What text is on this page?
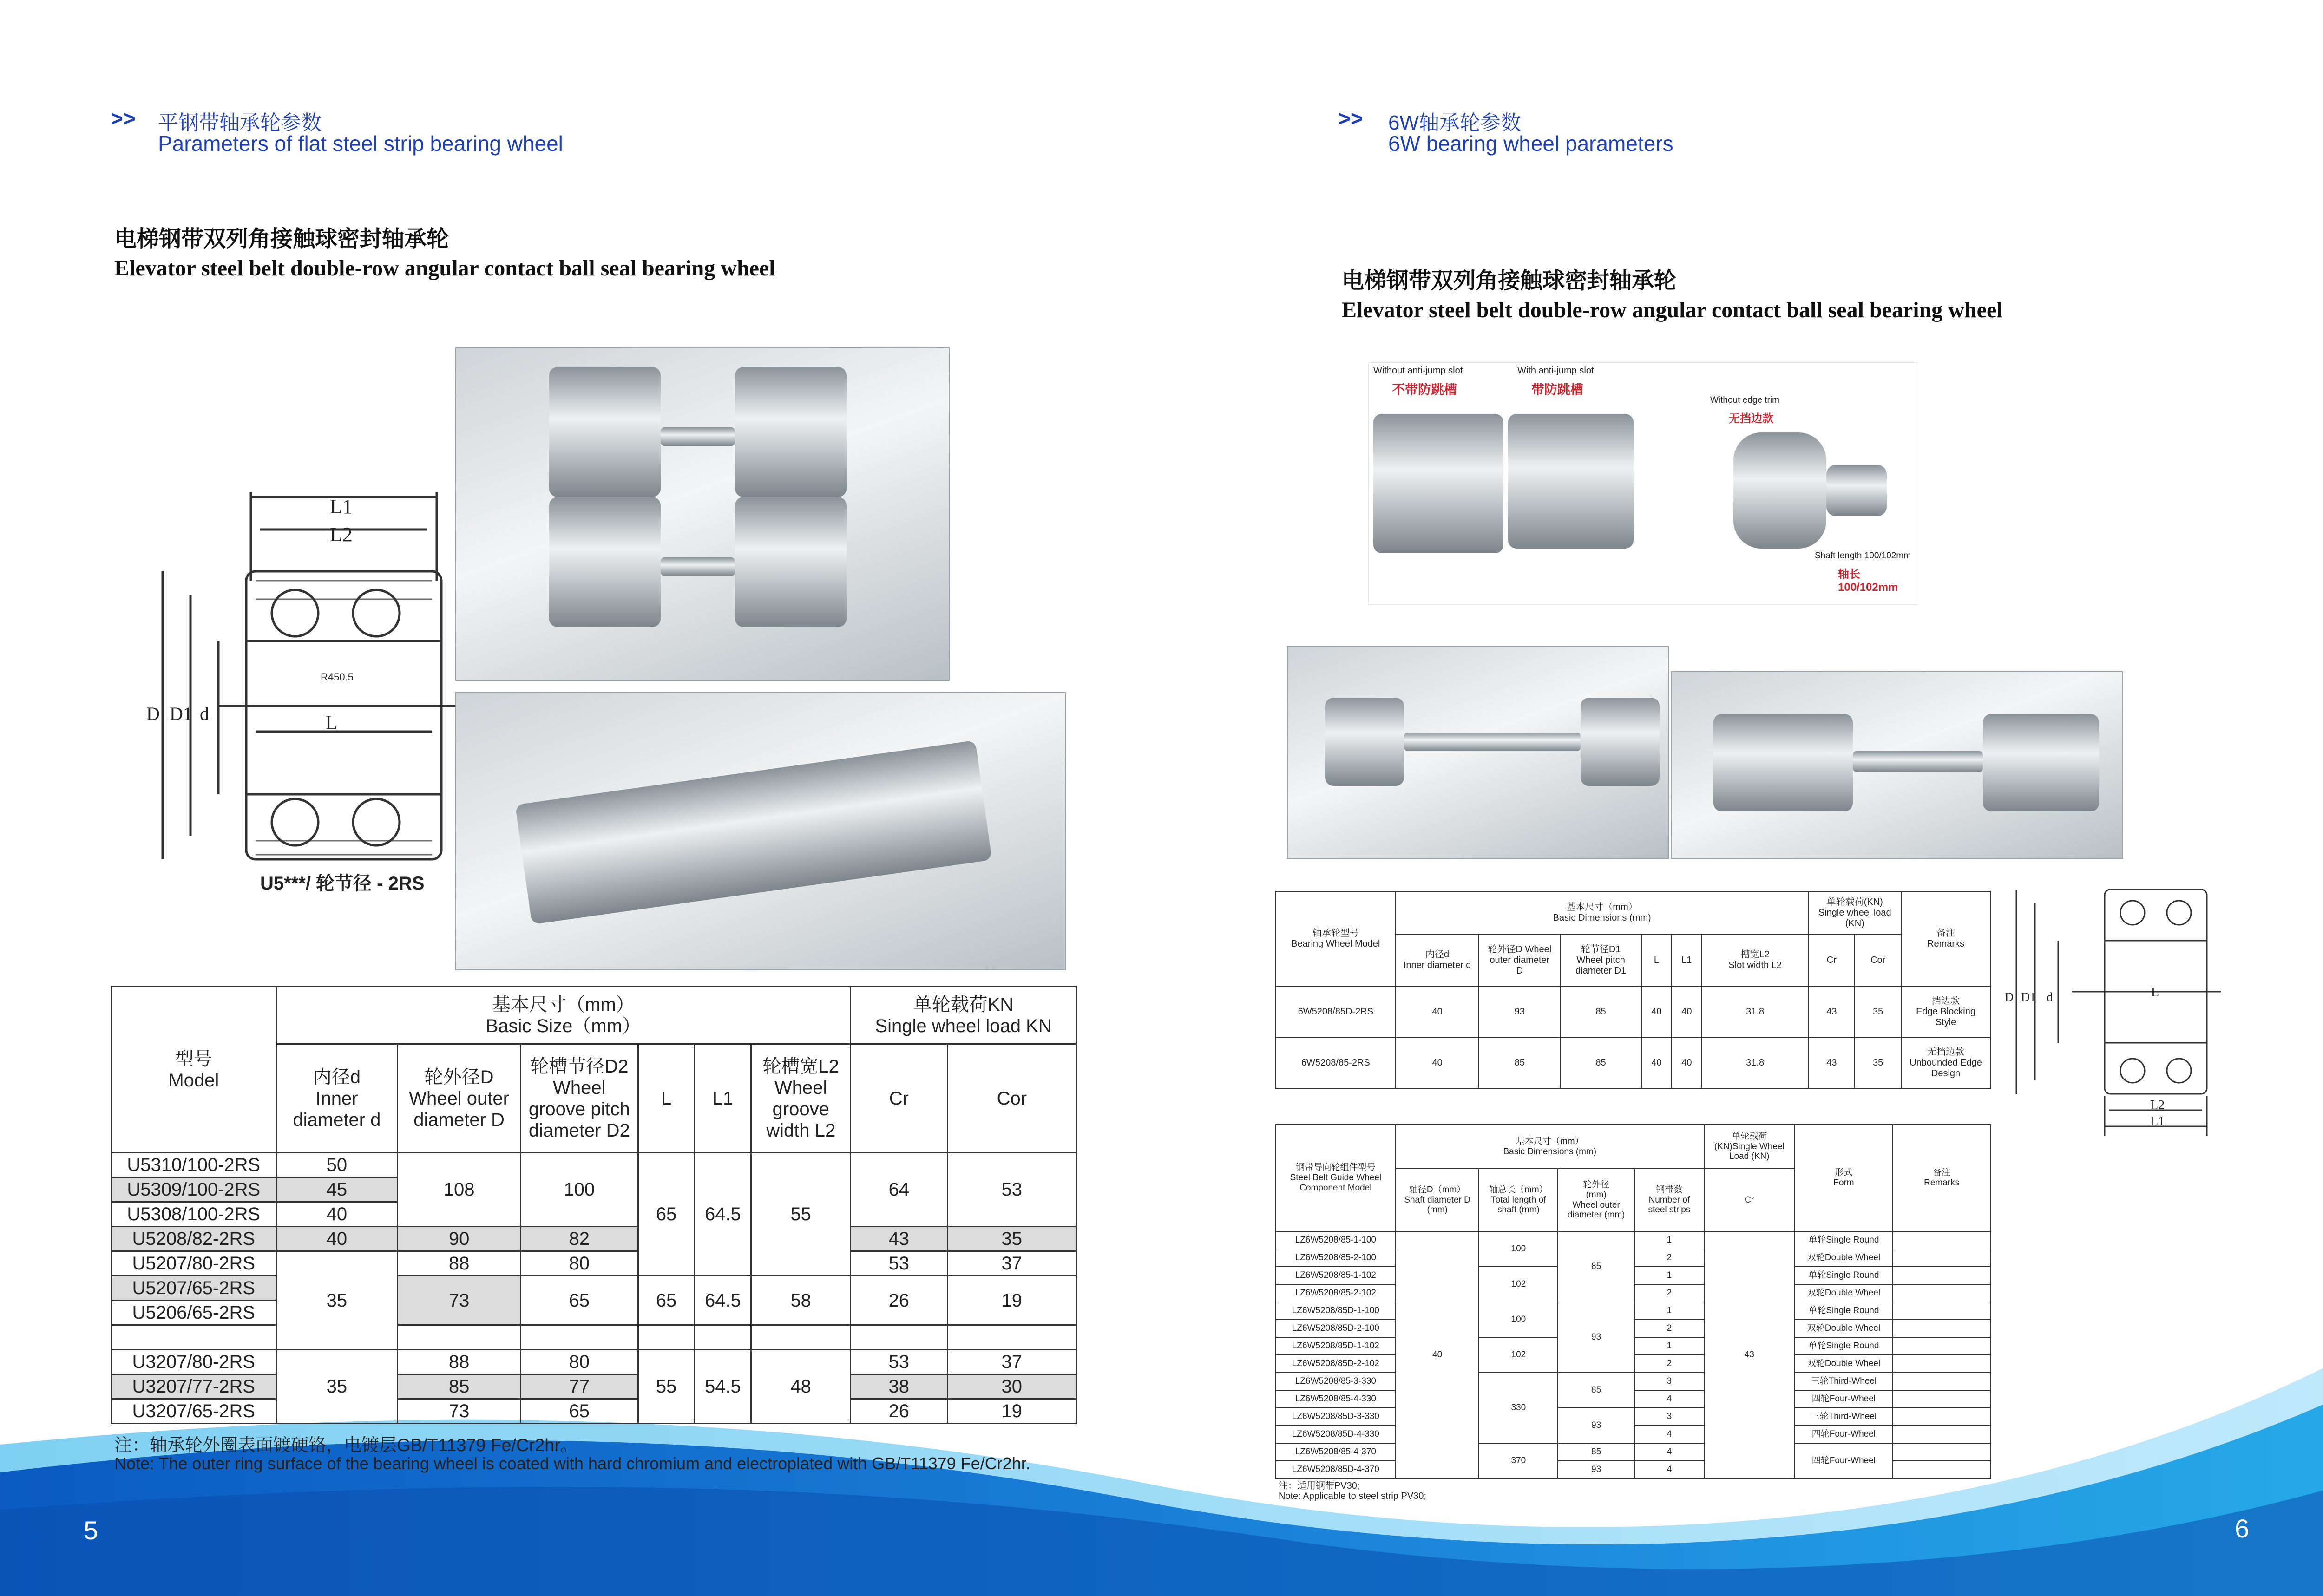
>> 平钢带轴承轮参数
Parameters of flat steel strip bearing wheel
电梯钢带双列角接触球密封轴承轮
Elevator steel belt double-row angular contact ball seal bearing wheel
L1
L2
L
R450.5
D D1 d
U5***/ 轮节径 - 2RS
型号
Model	基本尺寸（mm）
Basic Size（mm）						单轮载荷KN
Single wheel load KN	
	内径d
Inner
diameter d	轮外径D
Wheel outer
diameter D	轮槽节径D2
Wheel
groove pitch
diameter D2	L	L1	轮槽宽L2
Wheel
groove
width L2	Cr	Cor
U5310/100-2RS	50	108	100	65	64.5	55	64	53
U5309/100-2RS	45							
U5308/100-2RS	40							
U5208/82-2RS	40	90	82				43	35
U5207/80-2RS	35	88	80				53	37
U5207/65-2RS		73	65	65	64.5	58	26	19
U5206/65-2RS								

U3207/80-2RS	35	88	80	55	54.5	48	53	37
U3207/77-2RS		85	77				38	30
U3207/65-2RS		73	65				26	19
注：轴承轮外圈表面镀硬铬，电镀层GB/T11379 Fe/Cr2hr。
Note: The outer ring surface of the bearing wheel is coated with hard chromium and electroplated with GB/T11379 Fe/Cr2hr.
5
>> 6W轴承轮参数
6W bearing wheel parameters
电梯钢带双列角接触球密封轴承轮
Elevator steel belt double-row angular contact ball seal bearing wheel
Without anti-jump slot
不带防跳槽
With anti-jump slot
带防跳槽
Without edge trim
无挡边款
Shaft length 100/102mm
轴长100/102mm
轴承轮型号
Bearing Wheel Model	基本尺寸（mm）
Basic Dimensions (mm)						单轮载荷(KN)
Single wheel load
(KN)		备注
Remarks
	内径d
Inner diameter d	轮外径D Wheel
outer diameter
D	轮节径D1
Wheel pitch
diameter D1	L	L1	槽宽L2
Slot width L2	Cr	Cor	
6W5208/85D-2RS	40	93	85	40	40	31.8	43	35	挡边款
Edge Blocking
Style
6W5208/85-2RS	40	85	85	40	40	31.8	43	35	无挡边款
Unbounded Edge
Design
L
L2
L1
D D1 d
钢带导向轮组件型号
Steel Belt Guide Wheel
Component Model	基本尺寸（mm）
Basic Dimensions (mm)				单轮载荷
(KN)Single Wheel
Load (KN)	形式
Form	备注
Remarks
	轴径D（mm）
Shaft diameter D
(mm)	轴总长（mm）
Total length of
shaft (mm)	轮外径
(mm)
Wheel outer
diameter (mm)	钢带数
Number of
steel strips	Cr		
LZ6W5208/85-1-100	40	100	85	1	43	单轮Single Round	
LZ6W5208/85-2-100				2		双轮Double Wheel	
LZ6W5208/85-1-102		102		1		单轮Single Round	
LZ6W5208/85-2-102				2		双轮Double Wheel	
LZ6W5208/85D-1-100		100	93	1		单轮Single Round	
LZ6W5208/85D-2-100				2		双轮Double Wheel	
LZ6W5208/85D-1-102		102		1		单轮Single Round	
LZ6W5208/85D-2-102				2		双轮Double Wheel	
LZ6W5208/85-3-330		330	85	3		三轮Third-Wheel	
LZ6W5208/85-4-330				4		四轮Four-Wheel	
LZ6W5208/85D-3-330			93	3		三轮Third-Wheel	
LZ6W5208/85D-4-330				4		四轮Four-Wheel	
LZ6W5208/85-4-370		370	85	4		四轮Four-Wheel	
LZ6W5208/85D-4-370			93	4			
注：适用钢带PV30;
Note: Applicable to steel strip PV30;
6
